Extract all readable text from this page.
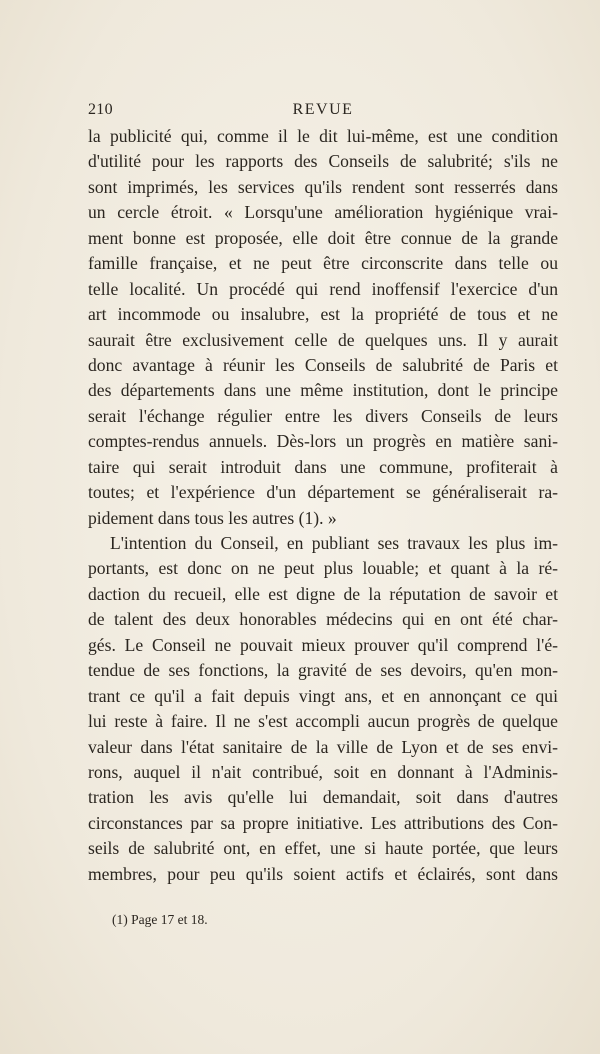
210	REVUE
la publicité qui, comme il le dit lui-même, est une condition
d'utilité pour les rapports des Conseils de salubrité; s'ils ne
sont imprimés, les services qu'ils rendent sont resserrés dans
un cercle étroit. « Lorsqu'une amélioration hygiénique vrai-
ment bonne est proposée, elle doit être connue de la grande
famille française, et ne peut être circonscrite dans telle ou
telle localité. Un procédé qui rend inoffensif l'exercice d'un
art incommode ou insalubre, est la propriété de tous et ne
saurait être exclusivement celle de quelques uns. Il y aurait
donc avantage à réunir les Conseils de salubrité de Paris et
des départements dans une même institution, dont le principe
serait l'échange régulier entre les divers Conseils de leurs
comptes-rendus annuels. Dès-lors un progrès en matière sani-
taire qui serait introduit dans une commune, profiterait à
toutes; et l'expérience d'un département se généraliserait ra-
pidement dans tous les autres (1). »
L'intention du Conseil, en publiant ses travaux les plus im-
portants, est donc on ne peut plus louable; et quant à la ré-
daction du recueil, elle est digne de la réputation de savoir et
de talent des deux honorables médecins qui en ont été char-
gés. Le Conseil ne pouvait mieux prouver qu'il comprend l'é-
tendue de ses fonctions, la gravité de ses devoirs, qu'en mon-
trant ce qu'il a fait depuis vingt ans, et en annonçant ce qui
lui reste à faire. Il ne s'est accompli aucun progrès de quelque
valeur dans l'état sanitaire de la ville de Lyon et de ses envi-
rons, auquel il n'ait contribué, soit en donnant à l'Adminis-
tration les avis qu'elle lui demandait, soit dans d'autres
circonstances par sa propre initiative. Les attributions des Con-
seils de salubrité ont, en effet, une si haute portée, que leurs
membres, pour peu qu'ils soient actifs et éclairés, sont dans
(1) Page 17 et 18.
